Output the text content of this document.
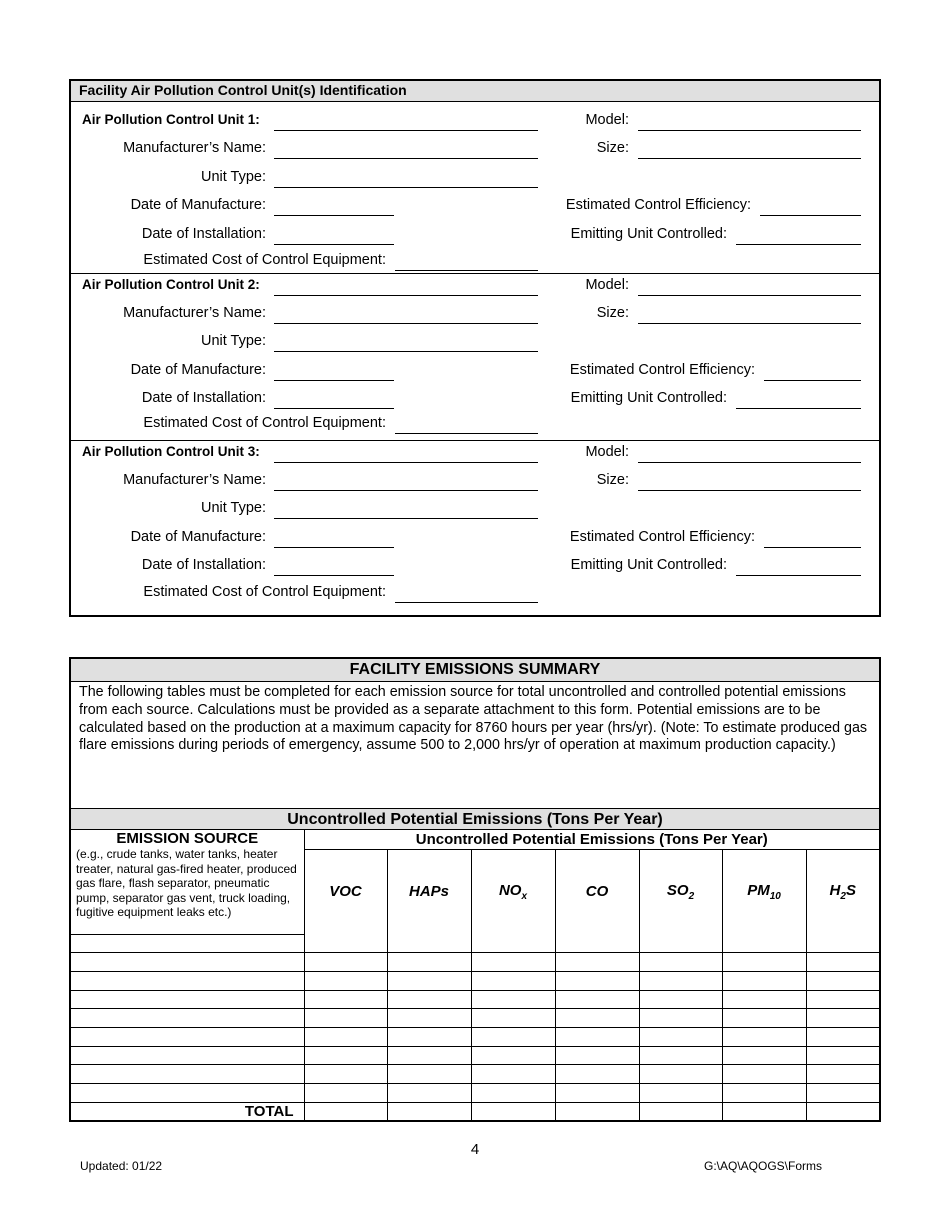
Facility Air Pollution Control Unit(s) Identification
Air Pollution Control Unit 1:	Model:
Manufacturer’s Name:	Size:
Unit Type:
Date of Manufacture:	Estimated Control Efficiency:
Date of Installation:	Emitting Unit Controlled:
Estimated Cost of Control Equipment:
Air Pollution Control Unit 2:	Model:
Manufacturer’s Name:	Size:
Unit Type:
Date of Manufacture:	Estimated Control Efficiency:
Date of Installation:	Emitting Unit Controlled:
Estimated Cost of Control Equipment:
Air Pollution Control Unit 3:	Model:
Manufacturer’s Name:	Size:
Unit Type:
Date of Manufacture:	Estimated Control Efficiency:
Date of Installation:	Emitting Unit Controlled:
Estimated Cost of Control Equipment:
FACILITY EMISSIONS SUMMARY
The following tables must be completed for each emission source for total uncontrolled and controlled potential emissions from each source. Calculations must be provided as a separate attachment to this form. Potential emissions are to be calculated based on the production at a maximum capacity for 8760 hours per year (hrs/yr). (Note: To estimate produced gas flare emissions during periods of emergency, assume 500 to 2,000 hrs/yr of operation at maximum production capacity.)
Uncontrolled Potential Emissions (Tons Per Year)
EMISSION SOURCE
(e.g., crude tanks, water tanks, heater treater, natural gas-fired heater, produced gas flare, flash separator, pneumatic pump, separator gas vent, truck loading, fugitive equipment leaks etc.)	Uncontrolled Potential Emissions (Tons Per Year)						
	VOC	HAPs	$NO_x$	CO	$SO_2$	$PM_{10}$	$H_2S$

TOTAL							
4
Updated: 01/22	G:\AQ\AQOGS\Forms
